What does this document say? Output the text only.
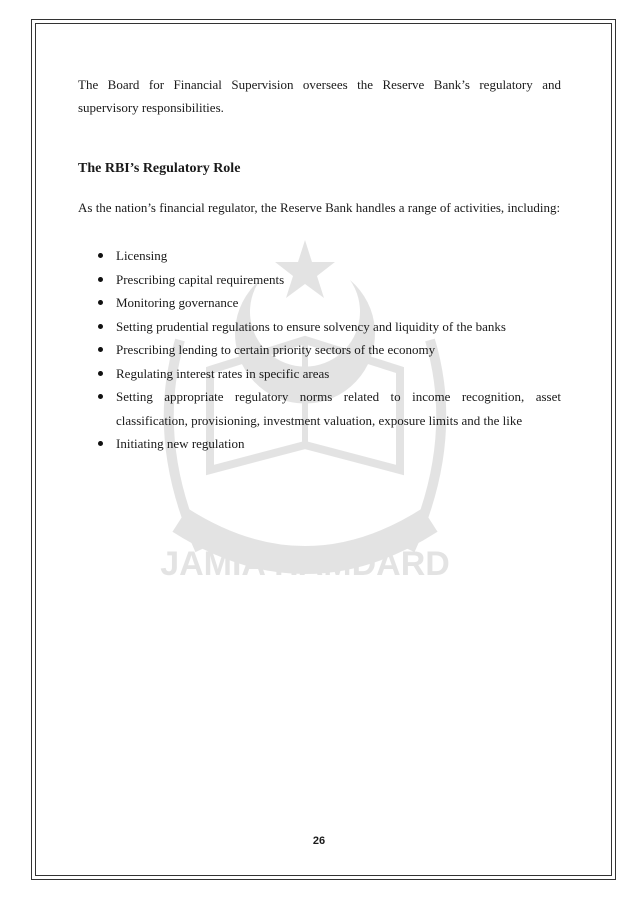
JAMIA HAMDARD

The Board for Financial Supervision oversees the Reserve Bank’s regulatory and supervisory responsibilities.

The RBI’s Regulatory Role

As the nation’s financial regulator, the Reserve Bank handles a range of activities, including:

Licensing
Prescribing capital requirements
Monitoring governance
Setting prudential regulations to ensure solvency and liquidity of the banks
Prescribing lending to certain priority sectors of the economy
Regulating interest rates in specific areas
Setting appropriate regulatory norms related to income recognition, asset classification, provisioning, investment valuation, exposure limits and the like
Initiating new regulation
26
